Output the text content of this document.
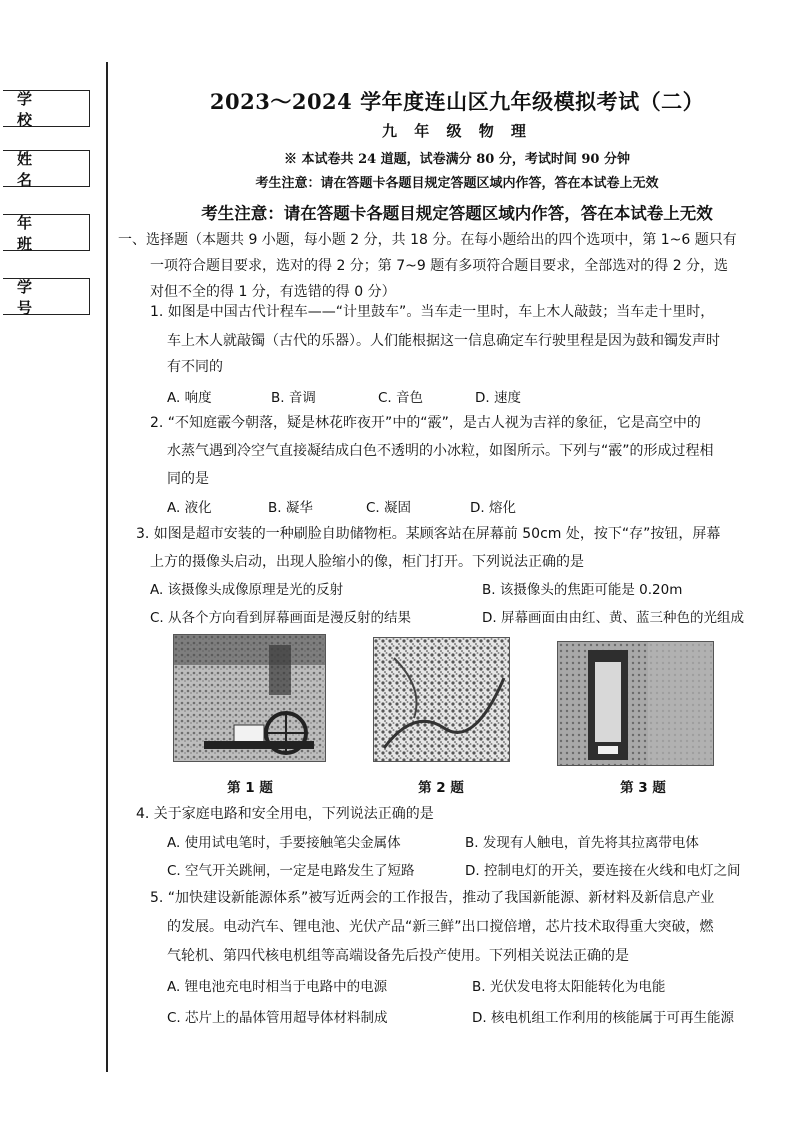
学 校
姓 名
年 班
学 号
2023～2024 学年度连山区九年级模拟考试（二）
九 年 级 物 理
※ 本试卷共 24 道题，试卷满分 80 分，考试时间 90 分钟
考生注意：请在答题卡各题目规定答题区域内作答，答在本试卷上无效
考生注意：请在答题卡各题目规定答题区域内作答，答在本试卷上无效
一、选择题（本题共 9 小题，每小题 2 分，共 18 分。在每小题给出的四个选项中，第 1~6 题只有
一项符合题目要求，选对的得 2 分；第 7~9 题有多项符合题目要求，全部选对的得 2 分，选
对但不全的得 1 分，有选错的得 0 分）
1. 如图是中国古代计程车——“计里鼓车”。当车走一里时，车上木人敲鼓；当车走十里时，
车上木人就敲镯（古代的乐器）。人们能根据这一信息确定车行驶里程是因为鼓和镯发声时
有不同的
A. 响度	B. 音调	C. 音色	D. 速度
2. “不知庭霰今朝落，疑是林花昨夜开”中的“霰”，是古人视为吉祥的象征，它是高空中的
水蒸气遇到冷空气直接凝结成白色不透明的小冰粒，如图所示。下列与“霰”的形成过程相
同的是
A. 液化	B. 凝华	C. 凝固	D. 熔化
3. 如图是超市安装的一种刷脸自助储物柜。某顾客站在屏幕前 50cm 处，按下“存”按钮，屏幕
上方的摄像头启动，出现人脸缩小的像，柜门打开。下列说法正确的是
A. 该摄像头成像原理是光的反射	B. 该摄像头的焦距可能是 0.20m
C. 从各个方向看到屏幕画面是漫反射的结果	D. 屏幕画面由由红、黄、蓝三种色的光组成
第 1 题	第 2 题	第 3 题
4. 关于家庭电路和安全用电，下列说法正确的是
A. 使用试电笔时，手要接触笔尖金属体	B. 发现有人触电，首先将其拉离带电体
C. 空气开关跳闸，一定是电路发生了短路	D. 控制电灯的开关，要连接在火线和电灯之间
5. “加快建设新能源体系”被写近两会的工作报告，推动了我国新能源、新材料及新信息产业
的发展。电动汽车、锂电池、光伏产品“新三鲜”出口搅倍增，芯片技术取得重大突破，燃
气轮机、第四代核电机组等高端设备先后投产使用。下列相关说法正确的是
A. 锂电池充电时相当于电路中的电源	B. 光伏发电将太阳能转化为电能
C. 芯片上的晶体管用超导体材料制成	D. 核电机组工作利用的核能属于可再生能源
